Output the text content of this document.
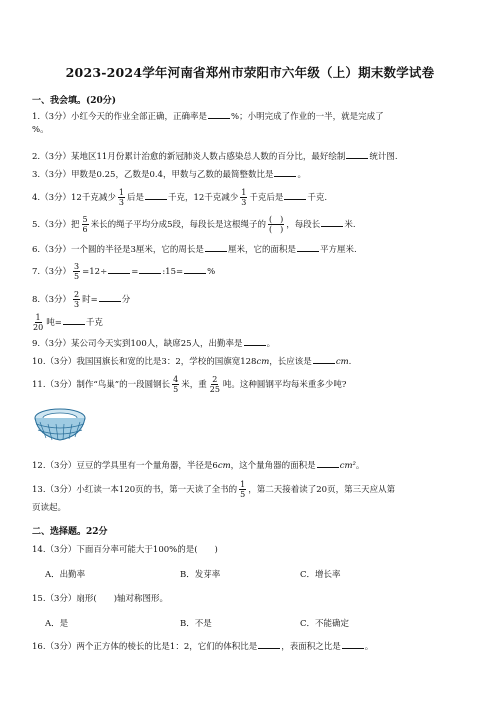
2023-2024学年河南省郑州市荥阳市六年级（上）期末数学试卷
一、我会填。(20分)
1.（3分）小红今天的作业全部正确，正确率是	%；小明完成了作业的一半，就是完成了
%。
2.（3分）某地区11月份累计治愈的新冠肺炎人数占感染总人数的百分比，最好绘制	统计图.
3.（3分）甲数是0.25，乙数是0.4，甲数与乙数的最简整数比是	。
4.（3分）12千克减少 $\frac{1}{3}$ 后是	千克，12千克减少 $\frac{1}{3}$ 千克后是	千克.
5.（3分）把 $\frac{5}{6}$ 米长的绳子平均分成5段，每段长是这根绳子的 $\frac{( )}{( )}$ ，每段长	米.
6.（3分）一个圆的半径是3厘米，它的周长是	厘米，它的面积是	平方厘米.
7.（3分） $\frac{3}{5} =12\div$	=	:15=	%
8.（3分） $\frac{2}{3}$ 时=	分
$\frac{1}{20}$ 吨=	千克
9.（3分）某公司今天实到100人，缺席25人，出勤率是	。
10.（3分）我国国旗长和宽的比是3：2，学校的国旗宽128cm，长应该是	cm.
11.（3分）制作“鸟巢”的一段圆钢长 $\frac{4}{5}$ 米，重 $\frac{2}{25}$ 吨。这种圆钢平均每米重多少吨?
12.（3分）豆豆的学具里有一个量角器，半径是6cm，这个量角器的面积是	cm²。
13.（3分）小红读一本120页的书，第一天读了全书的 $\frac{1}{5}$ ，第二天接着读了20页，第三天应从第
页读起。
二、选择题。22分
14.（3分）下面百分率可能大于100%的是(　　)
A．出勤率	B．发芽率	C．增长率
15.（3分）扇形(　　)轴对称图形。
A．是	B．不是	C．不能确定
16.（3分）两个正方体的棱长的比是1：2，它们的体积比是	，表面积之比是	。
